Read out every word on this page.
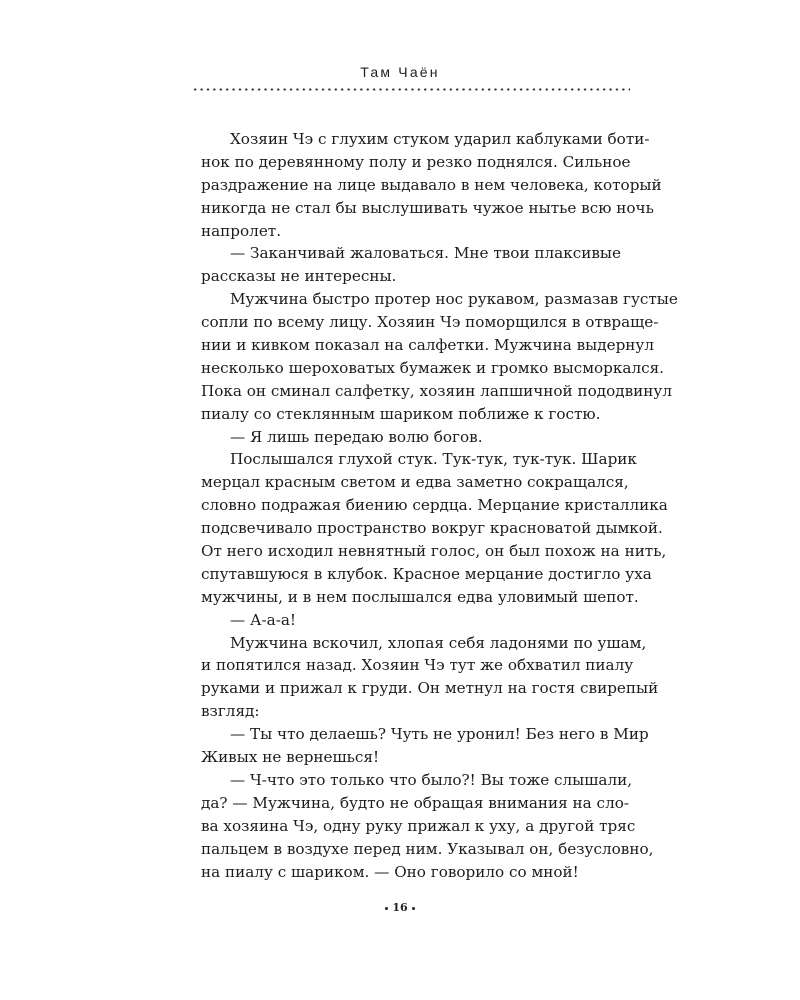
Там Чаён
Хозяин Чэ с глухим стуком ударил каблуками боти-
нок по деревянному полу и резко поднялся. Сильное
раздражение на лице выдавало в нем человека, который
никогда не стал бы выслушивать чужое нытье всю ночь
напролет.
— Заканчивай жаловаться. Мне твои плаксивые
рассказы не интересны.
Мужчина быстро протер нос рукавом, размазав густые
сопли по всему лицу. Хозяин Чэ поморщился в отвраще-
нии и кивком показал на салфетки. Мужчина выдернул
несколько шероховатых бумажек и громко высморкался.
Пока он сминал салфетку, хозяин лапшичной пододвинул
пиалу со стеклянным шариком поближе к гостю.
— Я лишь передаю волю богов.
Послышался глухой стук. Тук-тук, тук-тук. Шарик
мерцал красным светом и едва заметно сокращался,
словно подражая биению сердца. Мерцание кристаллика
подсвечивало пространство вокруг красноватой дымкой.
От него исходил невнятный голос, он был похож на нить,
спутавшуюся в клубок. Красное мерцание достигло уха
мужчины, и в нем послышался едва уловимый шепот.
— А-а-а!
Мужчина вскочил, хлопая себя ладонями по ушам,
и попятился назад. Хозяин Чэ тут же обхватил пиалу
руками и прижал к груди. Он метнул на гостя свирепый
взгляд:
— Ты что делаешь? Чуть не уронил! Без него в Мир
Живых не вернешься!
— Ч-что это только что было?! Вы тоже слышали,
да? — Мужчина, будто не обращая внимания на сло-
ва хозяина Чэ, одну руку прижал к уху, а другой тряс
пальцем в воздухе перед ним. Указывал он, безусловно,
на пиалу с шариком. — Оно говорило со мной!
16
